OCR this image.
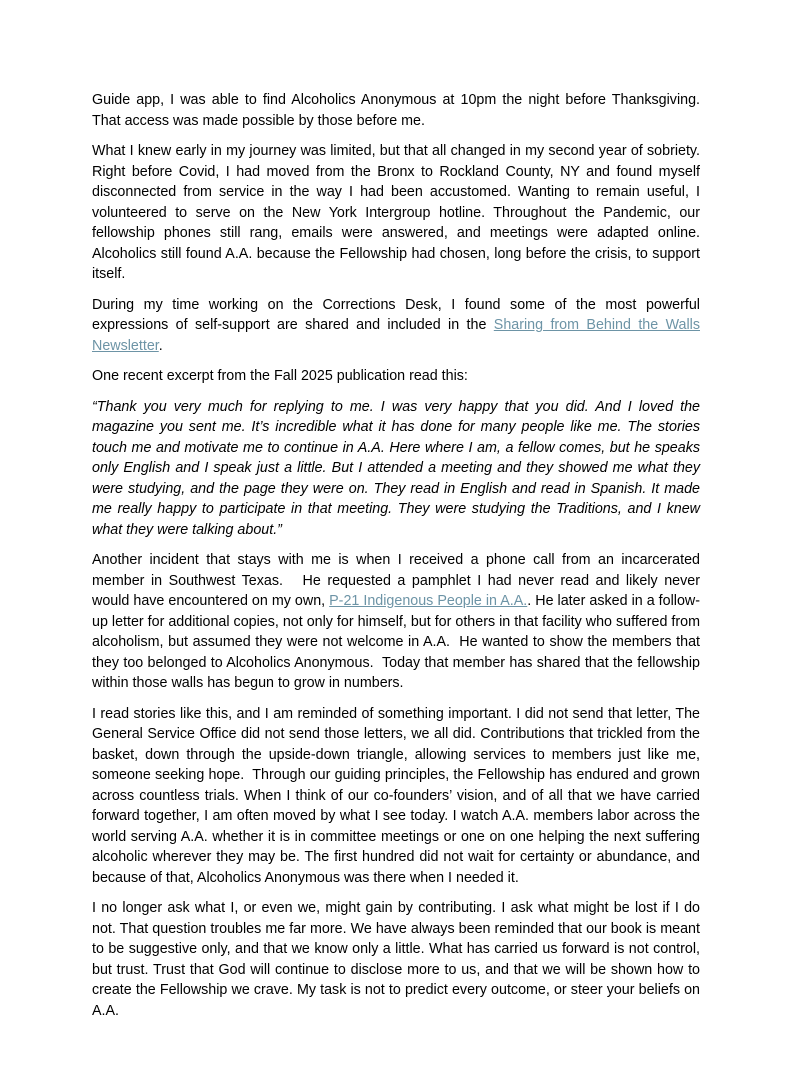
Guide app, I was able to find Alcoholics Anonymous at 10pm the night before Thanksgiving. That access was made possible by those before me.

What I knew early in my journey was limited, but that all changed in my second year of sobriety. Right before Covid, I had moved from the Bronx to Rockland County, NY and found myself disconnected from service in the way I had been accustomed. Wanting to remain useful, I volunteered to serve on the New York Intergroup hotline. Throughout the Pandemic, our fellowship phones still rang, emails were answered, and meetings were adapted online. Alcoholics still found A.A. because the Fellowship had chosen, long before the crisis, to support itself.

During my time working on the Corrections Desk, I found some of the most powerful expressions of self-support are shared and included in the Sharing from Behind the Walls Newsletter.

One recent excerpt from the Fall 2025 publication read this:

“Thank you very much for replying to me. I was very happy that you did. And I loved the magazine you sent me. It’s incredible what it has done for many people like me. The stories touch me and motivate me to continue in A.A. Here where I am, a fellow comes, but he speaks only English and I speak just a little. But I attended a meeting and they showed me what they were studying, and the page they were on. They read in English and read in Spanish. It made me really happy to participate in that meeting. They were studying the Traditions, and I knew what they were talking about.”

Another incident that stays with me is when I received a phone call from an incarcerated member in Southwest Texas.   He requested a pamphlet I had never read and likely never would have encountered on my own, P-21 Indigenous People in A.A.. He later asked in a follow-up letter for additional copies, not only for himself, but for others in that facility who suffered from alcoholism, but assumed they were not welcome in A.A.  He wanted to show the members that they too belonged to Alcoholics Anonymous.  Today that member has shared that the fellowship within those walls has begun to grow in numbers.

I read stories like this, and I am reminded of something important. I did not send that letter, The General Service Office did not send those letters, we all did. Contributions that trickled from the basket, down through the upside-down triangle, allowing services to members just like me, someone seeking hope.  Through our guiding principles, the Fellowship has endured and grown across countless trials. When I think of our co-founders’ vision, and of all that we have carried forward together, I am often moved by what I see today. I watch A.A. members labor across the world serving A.A. whether it is in committee meetings or one on one helping the next suffering alcoholic wherever they may be. The first hundred did not wait for certainty or abundance, and because of that, Alcoholics Anonymous was there when I needed it.

I no longer ask what I, or even we, might gain by contributing. I ask what might be lost if I do not. That question troubles me far more. We have always been reminded that our book is meant to be suggestive only, and that we know only a little. What has carried us forward is not control, but trust. Trust that God will continue to disclose more to us, and that we will be shown how to create the Fellowship we crave. My task is not to predict every outcome, or steer your beliefs on A.A.
